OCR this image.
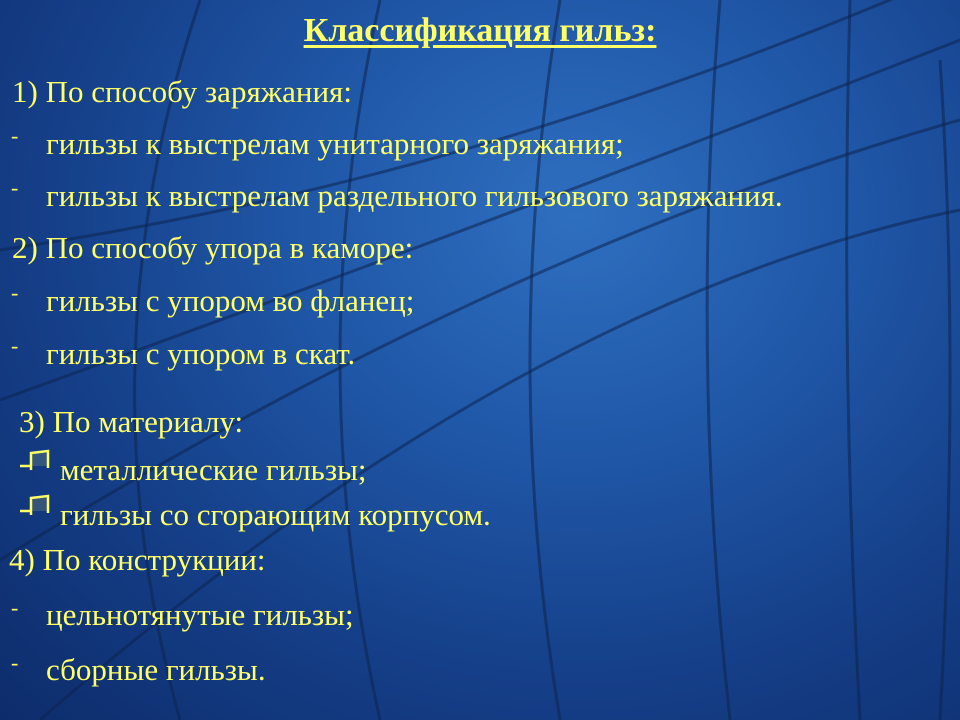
Классификация гильз:
1) По способу заряжания:
- гильзы к выстрелам унитарного заряжания;
- гильзы к выстрелам раздельного гильзового заряжания.
2) По способу упора в каморе:
- гильзы с упором во фланец;
- гильзы с упором в скат.
3) По материалу:
металлические гильзы;
гильзы со сгорающим корпусом.
4) По конструкции:
- цельнотянутые гильзы;
- сборные гильзы.
